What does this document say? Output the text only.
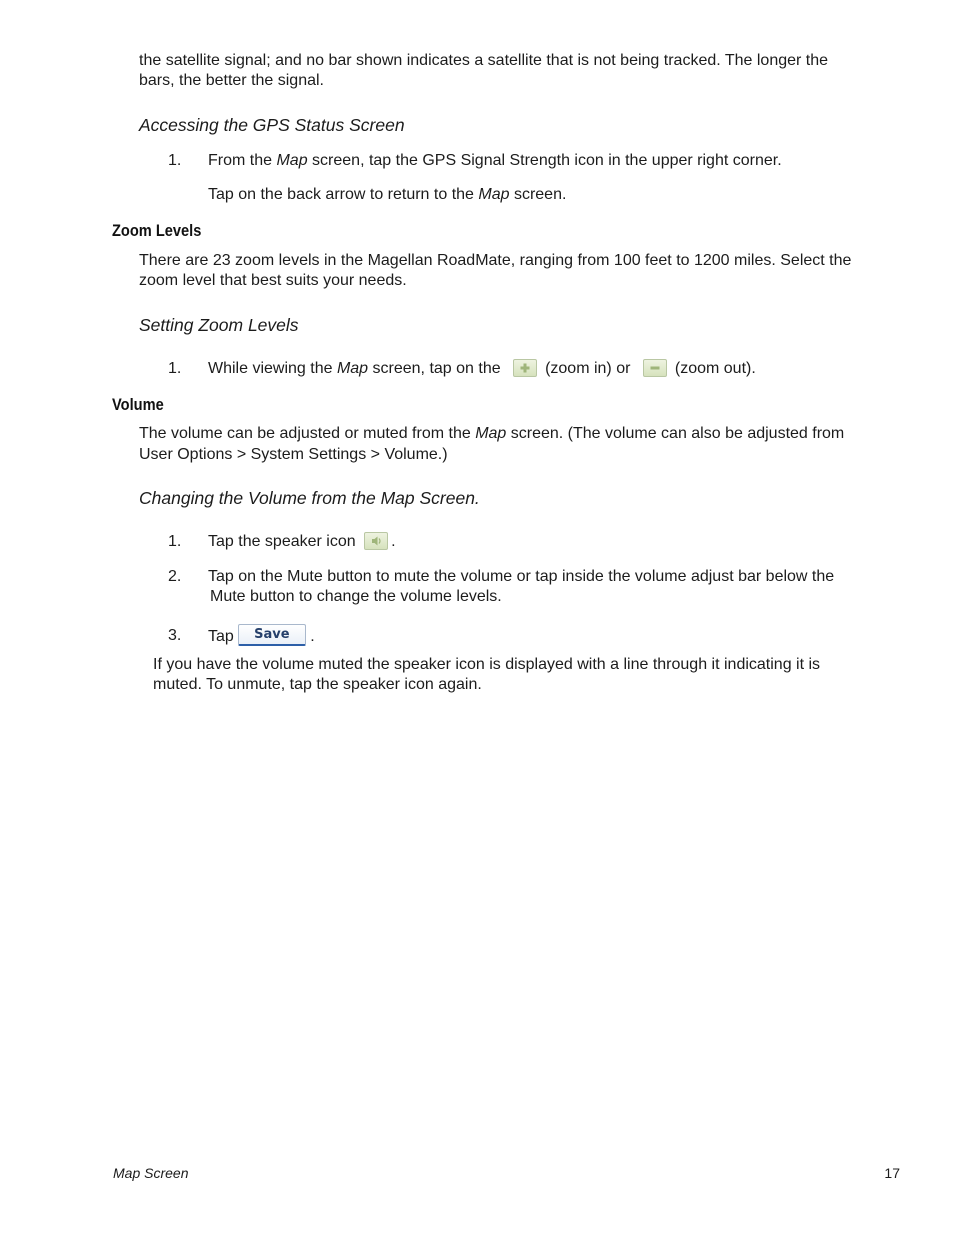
the satellite signal; and no bar shown indicates a satellite that is not being tracked. The longer the
bars, the better the signal.
Accessing the GPS Status Screen
1.	From the Map screen, tap the GPS Signal Strength icon in the upper right corner.
Tap on the back arrow to return to the Map screen.
Zoom Levels
There are 23 zoom levels in the Magellan RoadMate, ranging from 100 feet to 1200 miles. Select the
zoom level that best suits your needs.
Setting Zoom Levels
1.	While viewing the Map screen, tap on the	(zoom in) or	(zoom out).
Volume
The volume can be adjusted or muted from the Map screen. (The volume can also be adjusted from
User Options > System Settings > Volume.)
Changing the Volume from the Map Screen.
1.	Tap the speaker icon .
2.	Tap on the Mute button to mute the volume or tap inside the volume adjust bar below the
Mute button to change the volume levels.
3.	Tap Save .
If you have the volume muted the speaker icon is displayed with a line through it indicating it is
muted. To unmute, tap the speaker icon again.
Map Screen	17
